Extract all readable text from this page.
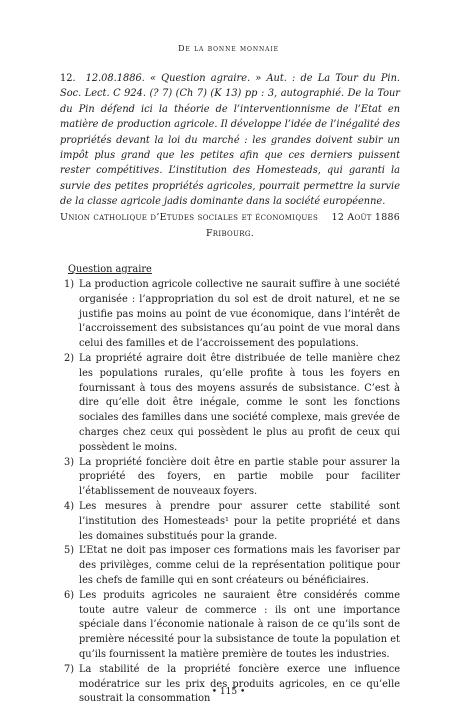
De la bonne monnaie
12. 12.08.1886. « Question agraire. » Aut. : de La Tour du Pin. Soc. Lect. C 924. (? 7) (Ch 7) (K 13) pp : 3, autographié. De la Tour du Pin défend ici la théorie de l’interventionnisme de l’Etat en matière de production agricole. Il développe l’idée de l’inégalité des propriétés devant la loi du marché : les grandes doivent subir un impôt plus grand que les petites afin que ces derniers puissent rester compétitives. L’institution des Homesteads, qui garanti la survie des petites propriétés agricoles, pourrait permettre la survie de la classe agricole jadis dominante dans la société européenne.
Union catholique d’Etudes sociales et économiques 12 Août 1886
Fribourg.
Question agraire
1) La production agricole collective ne saurait suffire à une société organisée : l’appropriation du sol est de droit naturel, et ne se justifie pas moins au point de vue économique, dans l’intérêt de l’accroissement des subsistances qu’au point de vue moral dans celui des familles et de l’accroissement des populations.
2) La propriété agraire doit être distribuée de telle manière chez les populations rurales, qu’elle profite à tous les foyers en fournissant à tous des moyens assurés de subsistance. C’est à dire qu’elle doit être inégale, comme le sont les fonctions sociales des familles dans une société complexe, mais grevée de charges chez ceux qui possèdent le plus au profit de ceux qui possèdent le moins.
3) La propriété foncière doit être en partie stable pour assurer la propriété des foyers, en partie mobile pour faciliter l’établissement de nouveaux foyers.
4) Les mesures à prendre pour assurer cette stabilité sont l’institution des Homesteads¹ pour la petite propriété et dans les domaines substitués pour la grande.
5) L’Etat ne doit pas imposer ces formations mais les favoriser par des privilèges, comme celui de la représentation politique pour les chefs de famille qui en sont créateurs ou bénéficiaires.
6) Les produits agricoles ne sauraient être considérés comme toute autre valeur de commerce : ils ont une importance spéciale dans l’économie nationale à raison de ce qu’ils sont de première nécessité pour la subsistance de toute la population et qu’ils fournissent la matière première de toutes les industries.
7) La stabilité de la propriété foncière exerce une influence modératrice sur les prix des produits agricoles, en ce qu’elle soustrait la consommation
• 115 •
